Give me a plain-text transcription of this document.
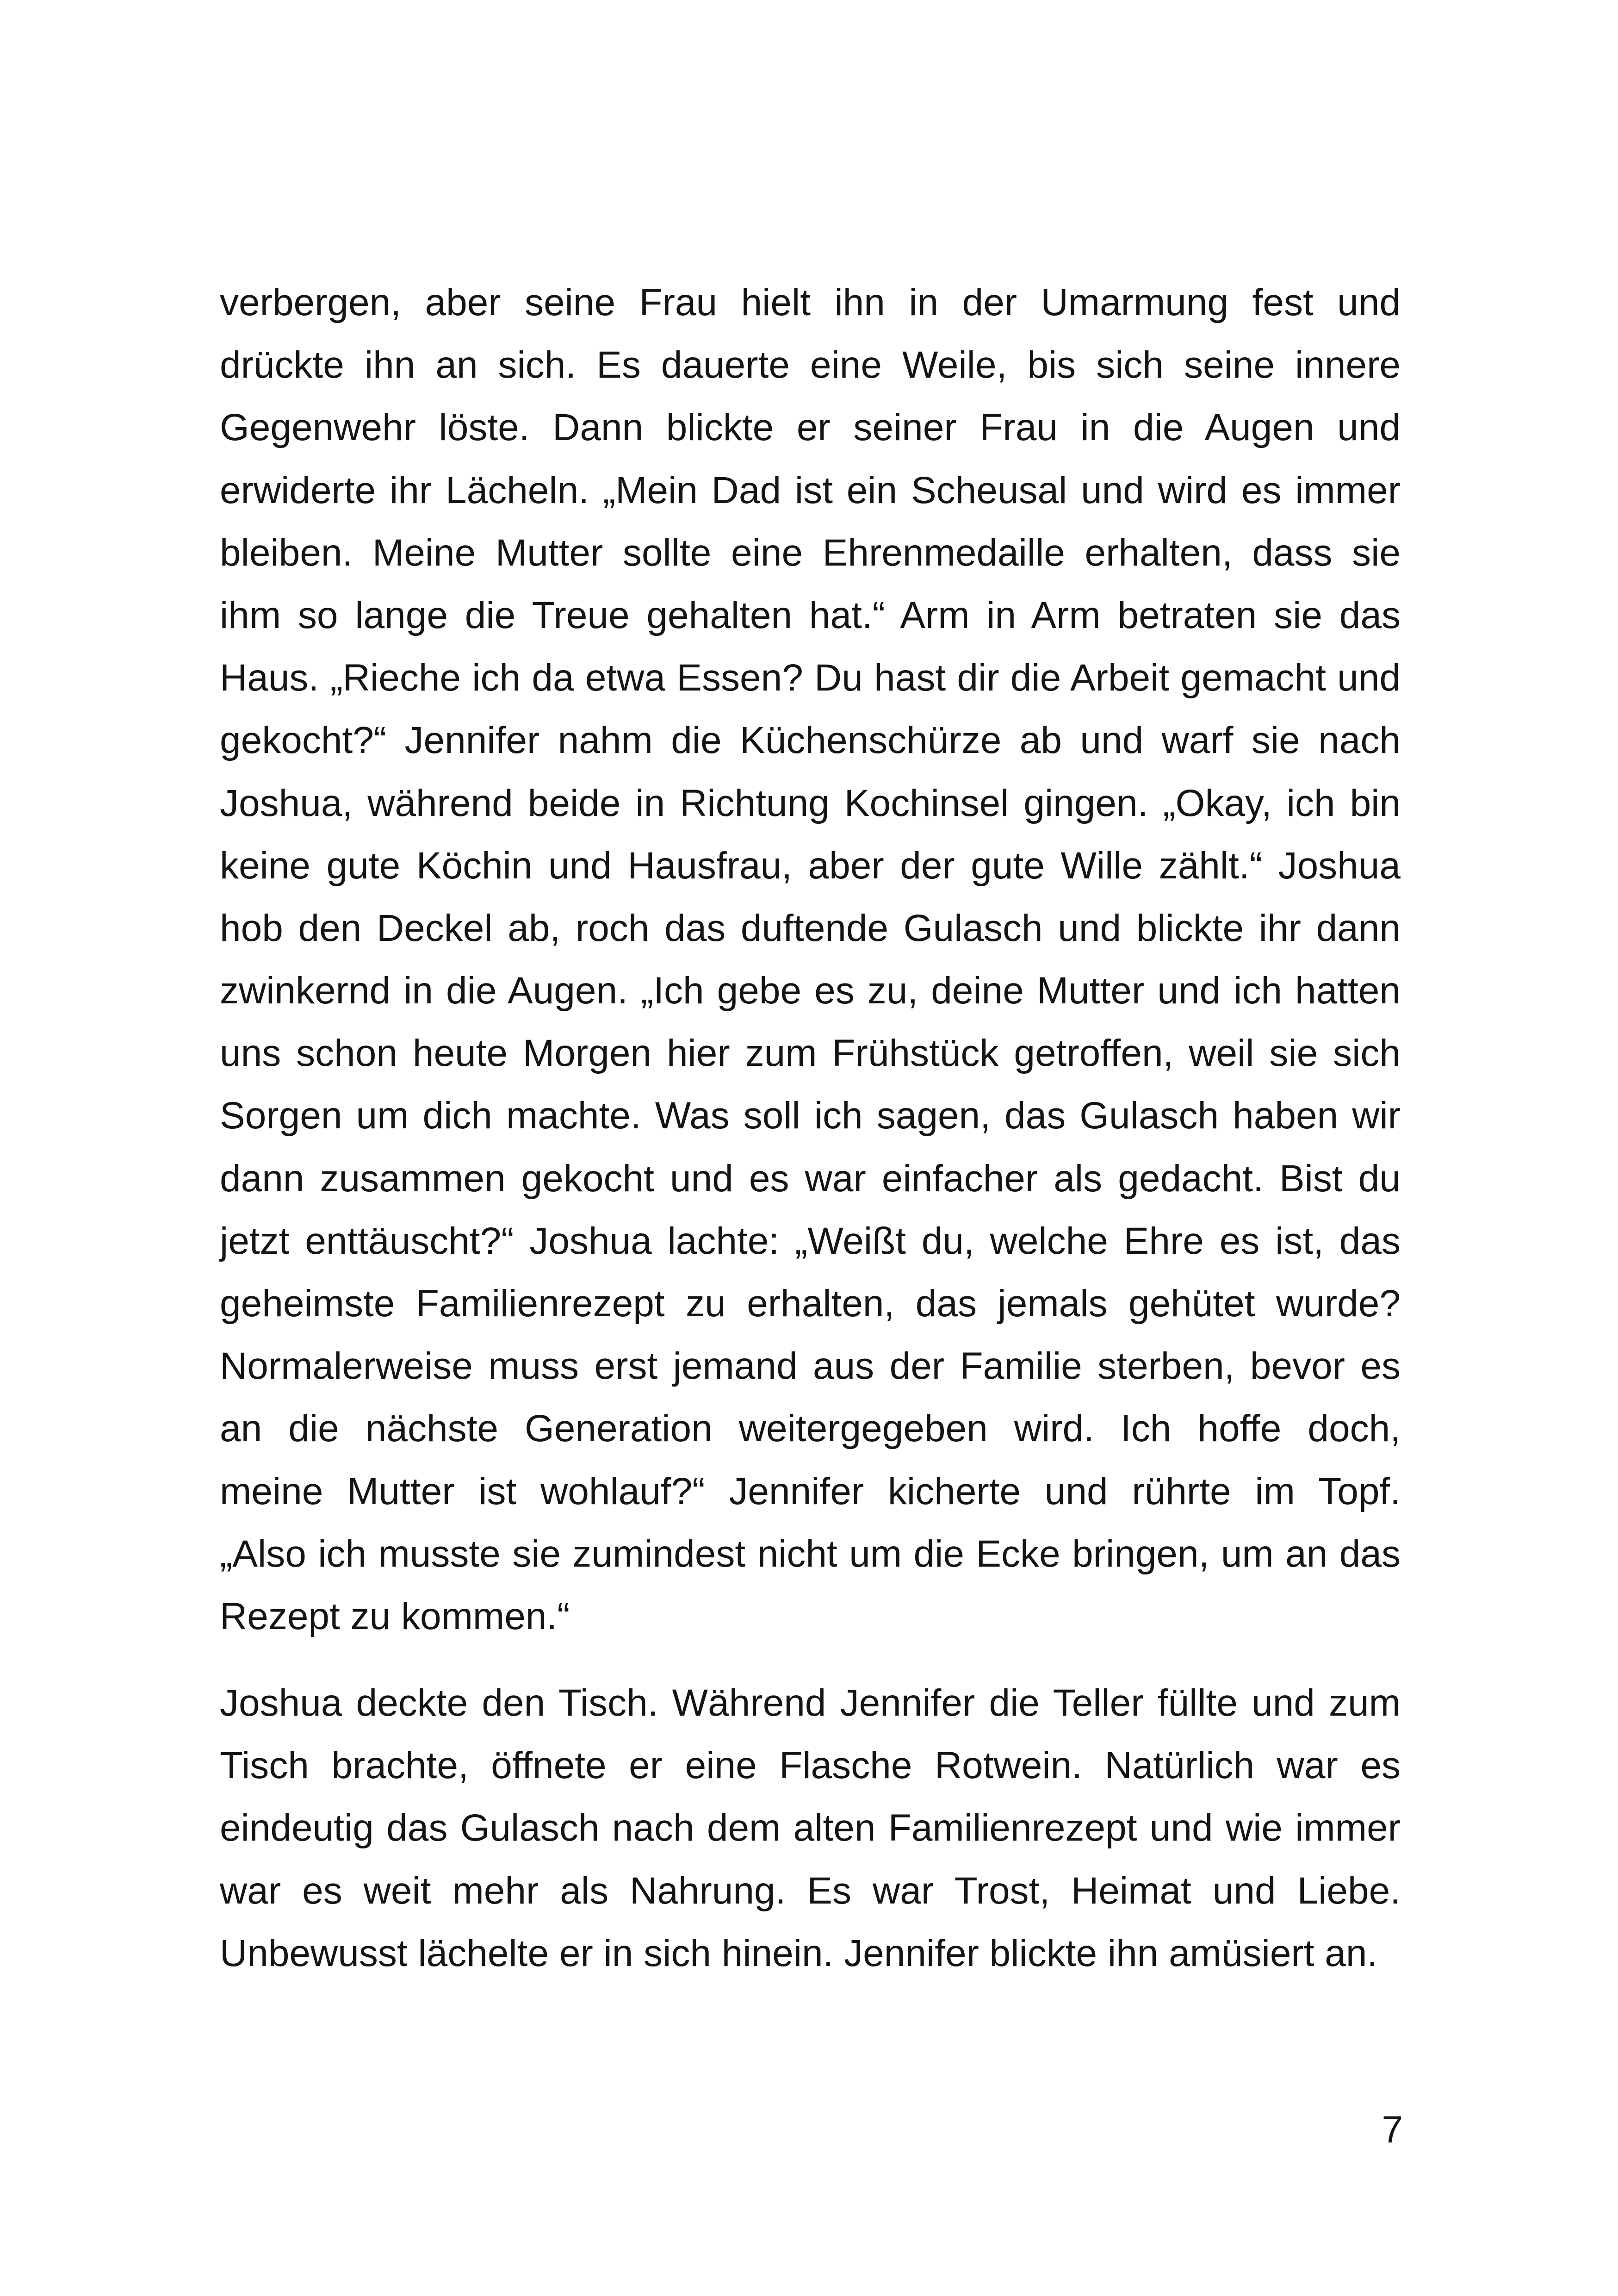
verbergen, aber seine Frau hielt ihn in der Umarmung fest und
drückte ihn an sich. Es dauerte eine Weile, bis sich seine innere
Gegenwehr löste. Dann blickte er seiner Frau in die Augen und
erwiderte ihr Lächeln. „Mein Dad ist ein Scheusal und wird es immer
bleiben. Meine Mutter sollte eine Ehrenmedaille erhalten, dass sie
ihm so lange die Treue gehalten hat.“ Arm in Arm betraten sie das
Haus. „Rieche ich da etwa Essen? Du hast dir die Arbeit gemacht und
gekocht?“ Jennifer nahm die Küchenschürze ab und warf sie nach
Joshua, während beide in Richtung Kochinsel gingen. „Okay, ich bin
keine gute Köchin und Hausfrau, aber der gute Wille zählt.“ Joshua
hob den Deckel ab, roch das duftende Gulasch und blickte ihr dann
zwinkernd in die Augen. „Ich gebe es zu, deine Mutter und ich hatten
uns schon heute Morgen hier zum Frühstück getroffen, weil sie sich
Sorgen um dich machte. Was soll ich sagen, das Gulasch haben wir
dann zusammen gekocht und es war einfacher als gedacht. Bist du
jetzt enttäuscht?“ Joshua lachte: „Weißt du, welche Ehre es ist, das
geheimste Familienrezept zu erhalten, das jemals gehütet wurde?
Normalerweise muss erst jemand aus der Familie sterben, bevor es
an die nächste Generation weitergegeben wird. Ich hoffe doch,
meine Mutter ist wohlauf?“ Jennifer kicherte und rührte im Topf.
„Also ich musste sie zumindest nicht um die Ecke bringen, um an das
Rezept zu kommen.“
Joshua deckte den Tisch. Während Jennifer die Teller füllte und zum
Tisch brachte, öffnete er eine Flasche Rotwein. Natürlich war es
eindeutig das Gulasch nach dem alten Familienrezept und wie immer
war es weit mehr als Nahrung. Es war Trost, Heimat und Liebe.
Unbewusst lächelte er in sich hinein. Jennifer blickte ihn amüsiert an.
7
